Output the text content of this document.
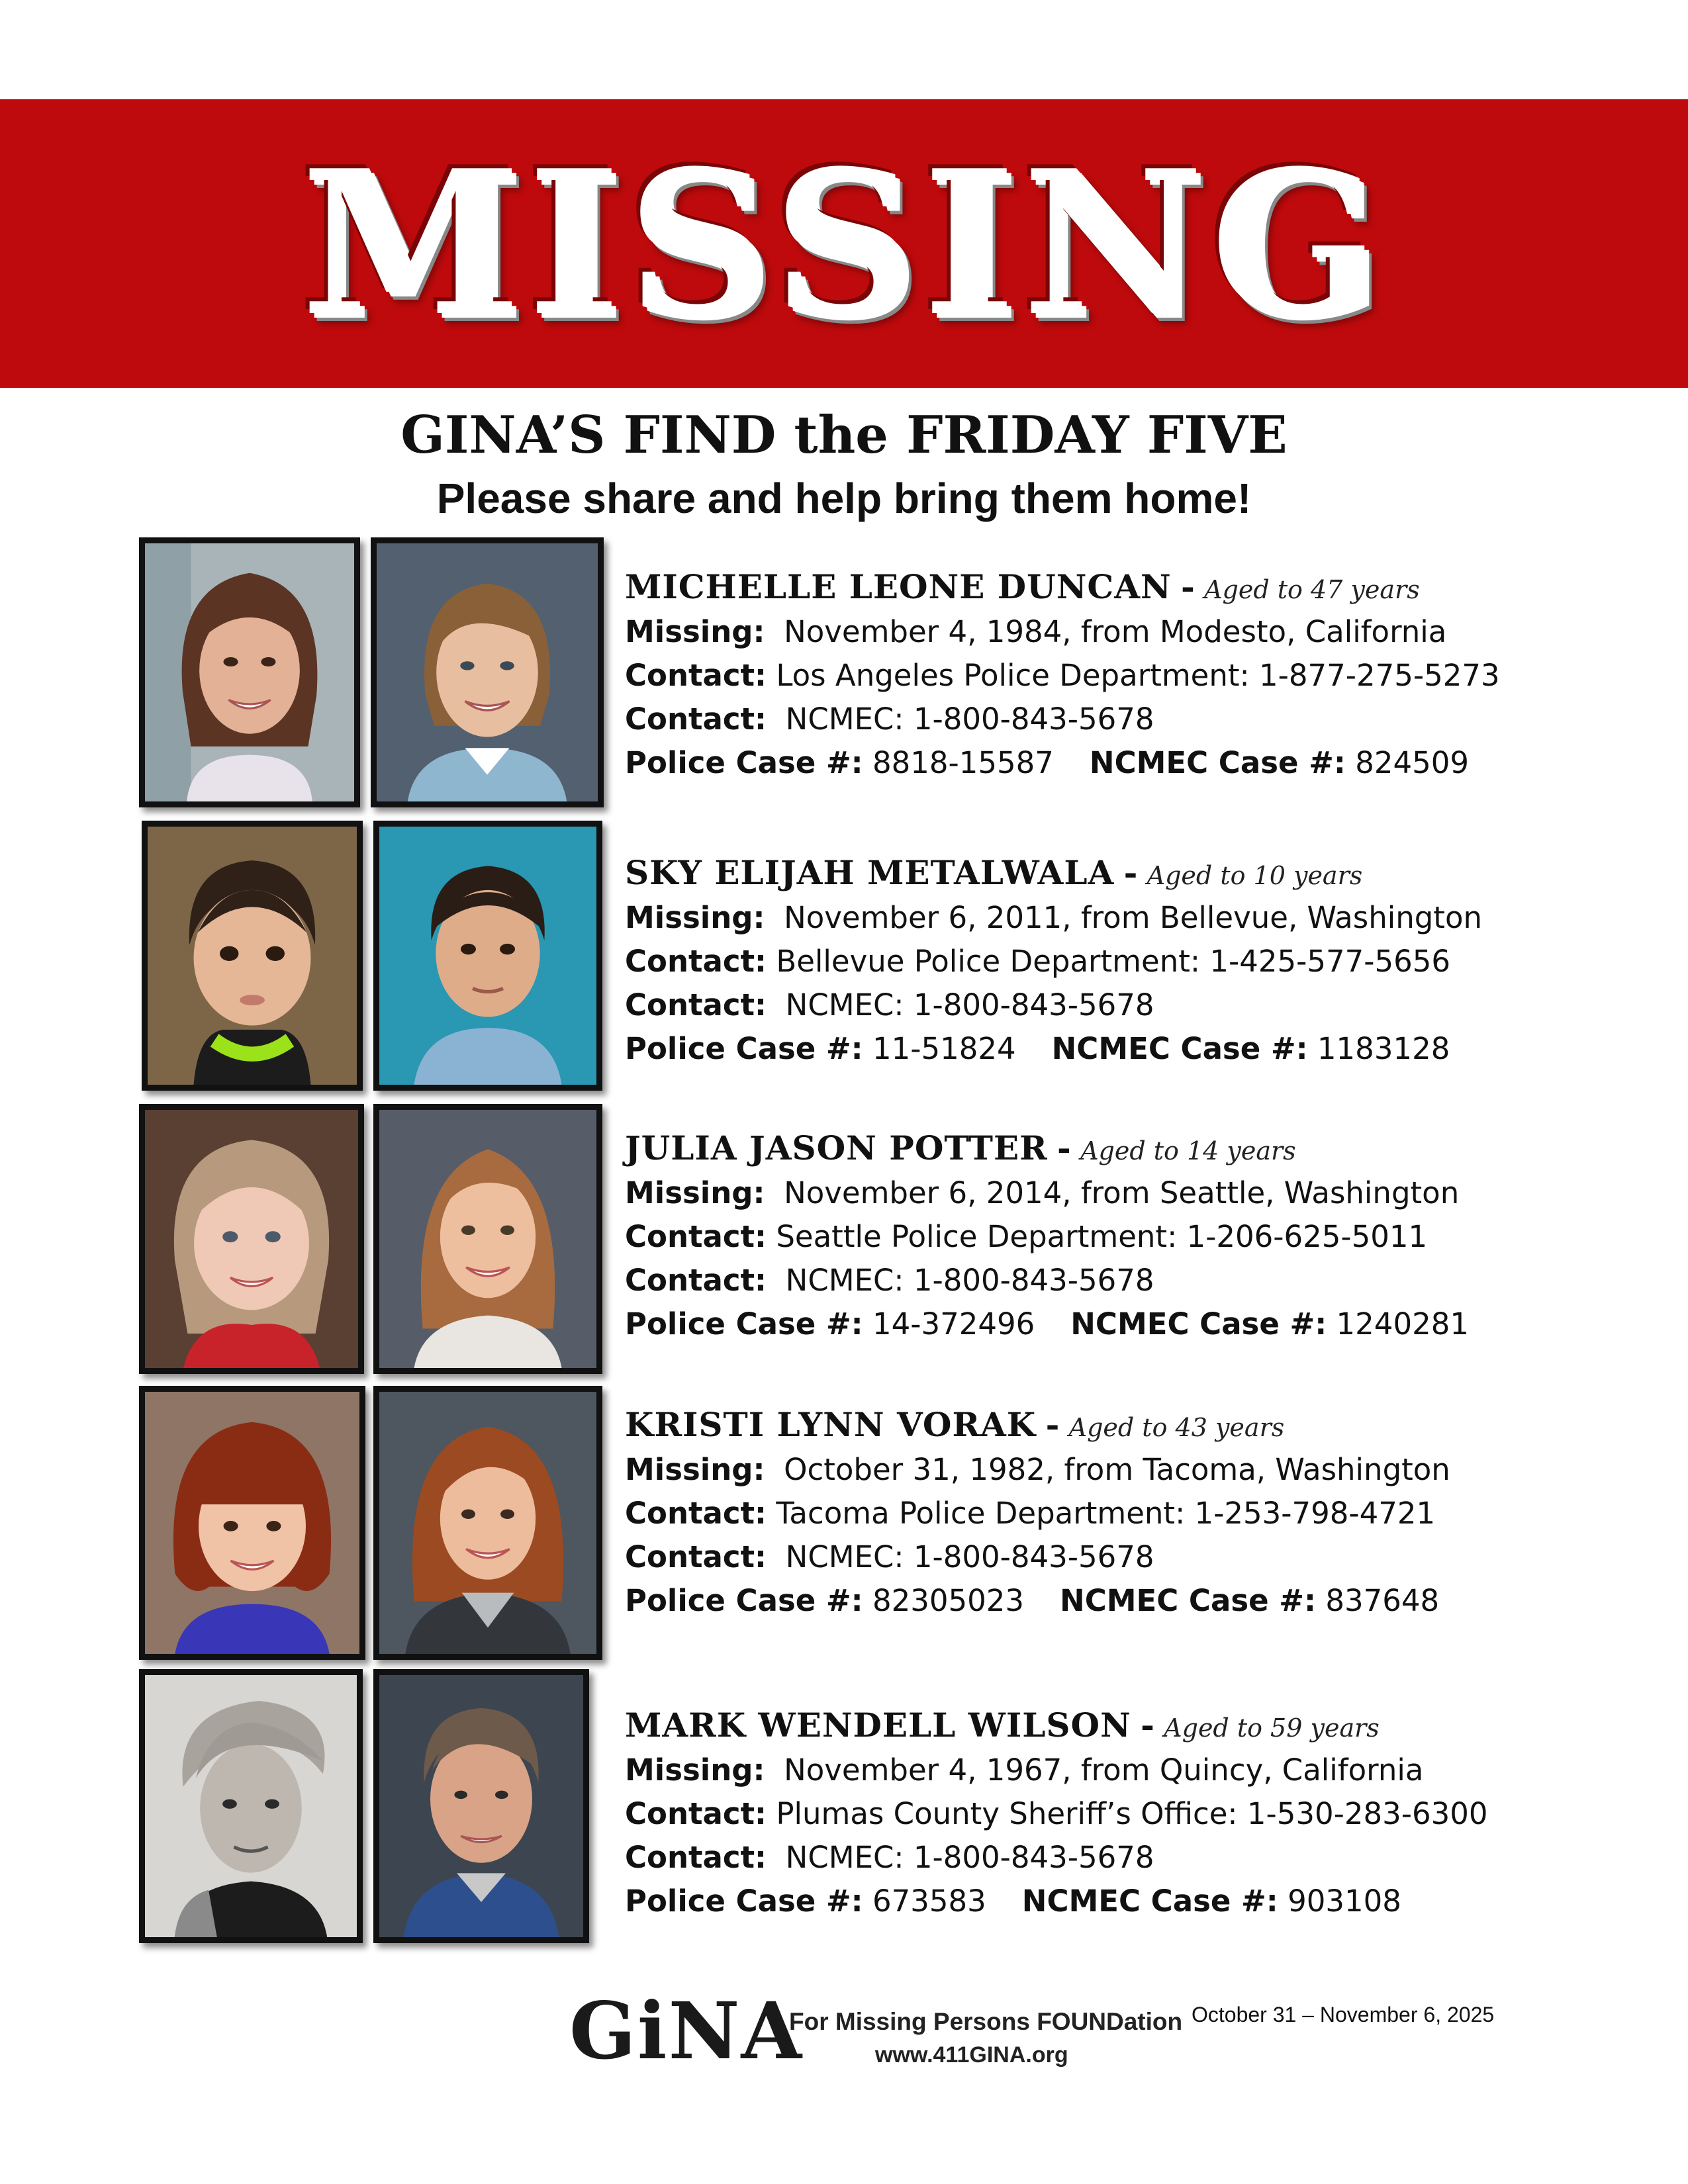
MISSING
GINA’S FIND the FRIDAY FIVE
Please share and help bring them home!
MICHELLE LEONE DUNCAN - Aged to 47 years
Missing: November 4, 1984, from Modesto, California
Contact: Los Angeles Police Department: 1-877-275-5273
Contact: NCMEC: 1-800-843-5678
Police Case #: 8818-15587 NCMEC Case #: 824509
SKY ELIJAH METALWALA - Aged to 10 years
Missing: November 6, 2011, from Bellevue, Washington
Contact: Bellevue Police Department: 1-425-577-5656
Contact: NCMEC: 1-800-843-5678
Police Case #: 11-51824 NCMEC Case #: 1183128
JULIA JASON POTTER - Aged to 14 years
Missing: November 6, 2014, from Seattle, Washington
Contact: Seattle Police Department: 1-206-625-5011
Contact: NCMEC: 1-800-843-5678
Police Case #: 14-372496 NCMEC Case #: 1240281
KRISTI LYNN VORAK - Aged to 43 years
Missing: October 31, 1982, from Tacoma, Washington
Contact: Tacoma Police Department: 1-253-798-4721
Contact: NCMEC: 1-800-843-5678
Police Case #: 82305023 NCMEC Case #: 837648
MARK WENDELL WILSON - Aged to 59 years
Missing: November 4, 1967, from Quincy, California
Contact: Plumas County Sheriff’s Office: 1-530-283-6300
Contact: NCMEC: 1-800-843-5678
Police Case #: 673583 NCMEC Case #: 903108
GiNA
For Missing Persons FOUNDation
www.411GINA.org
October 31 – November 6, 2025
